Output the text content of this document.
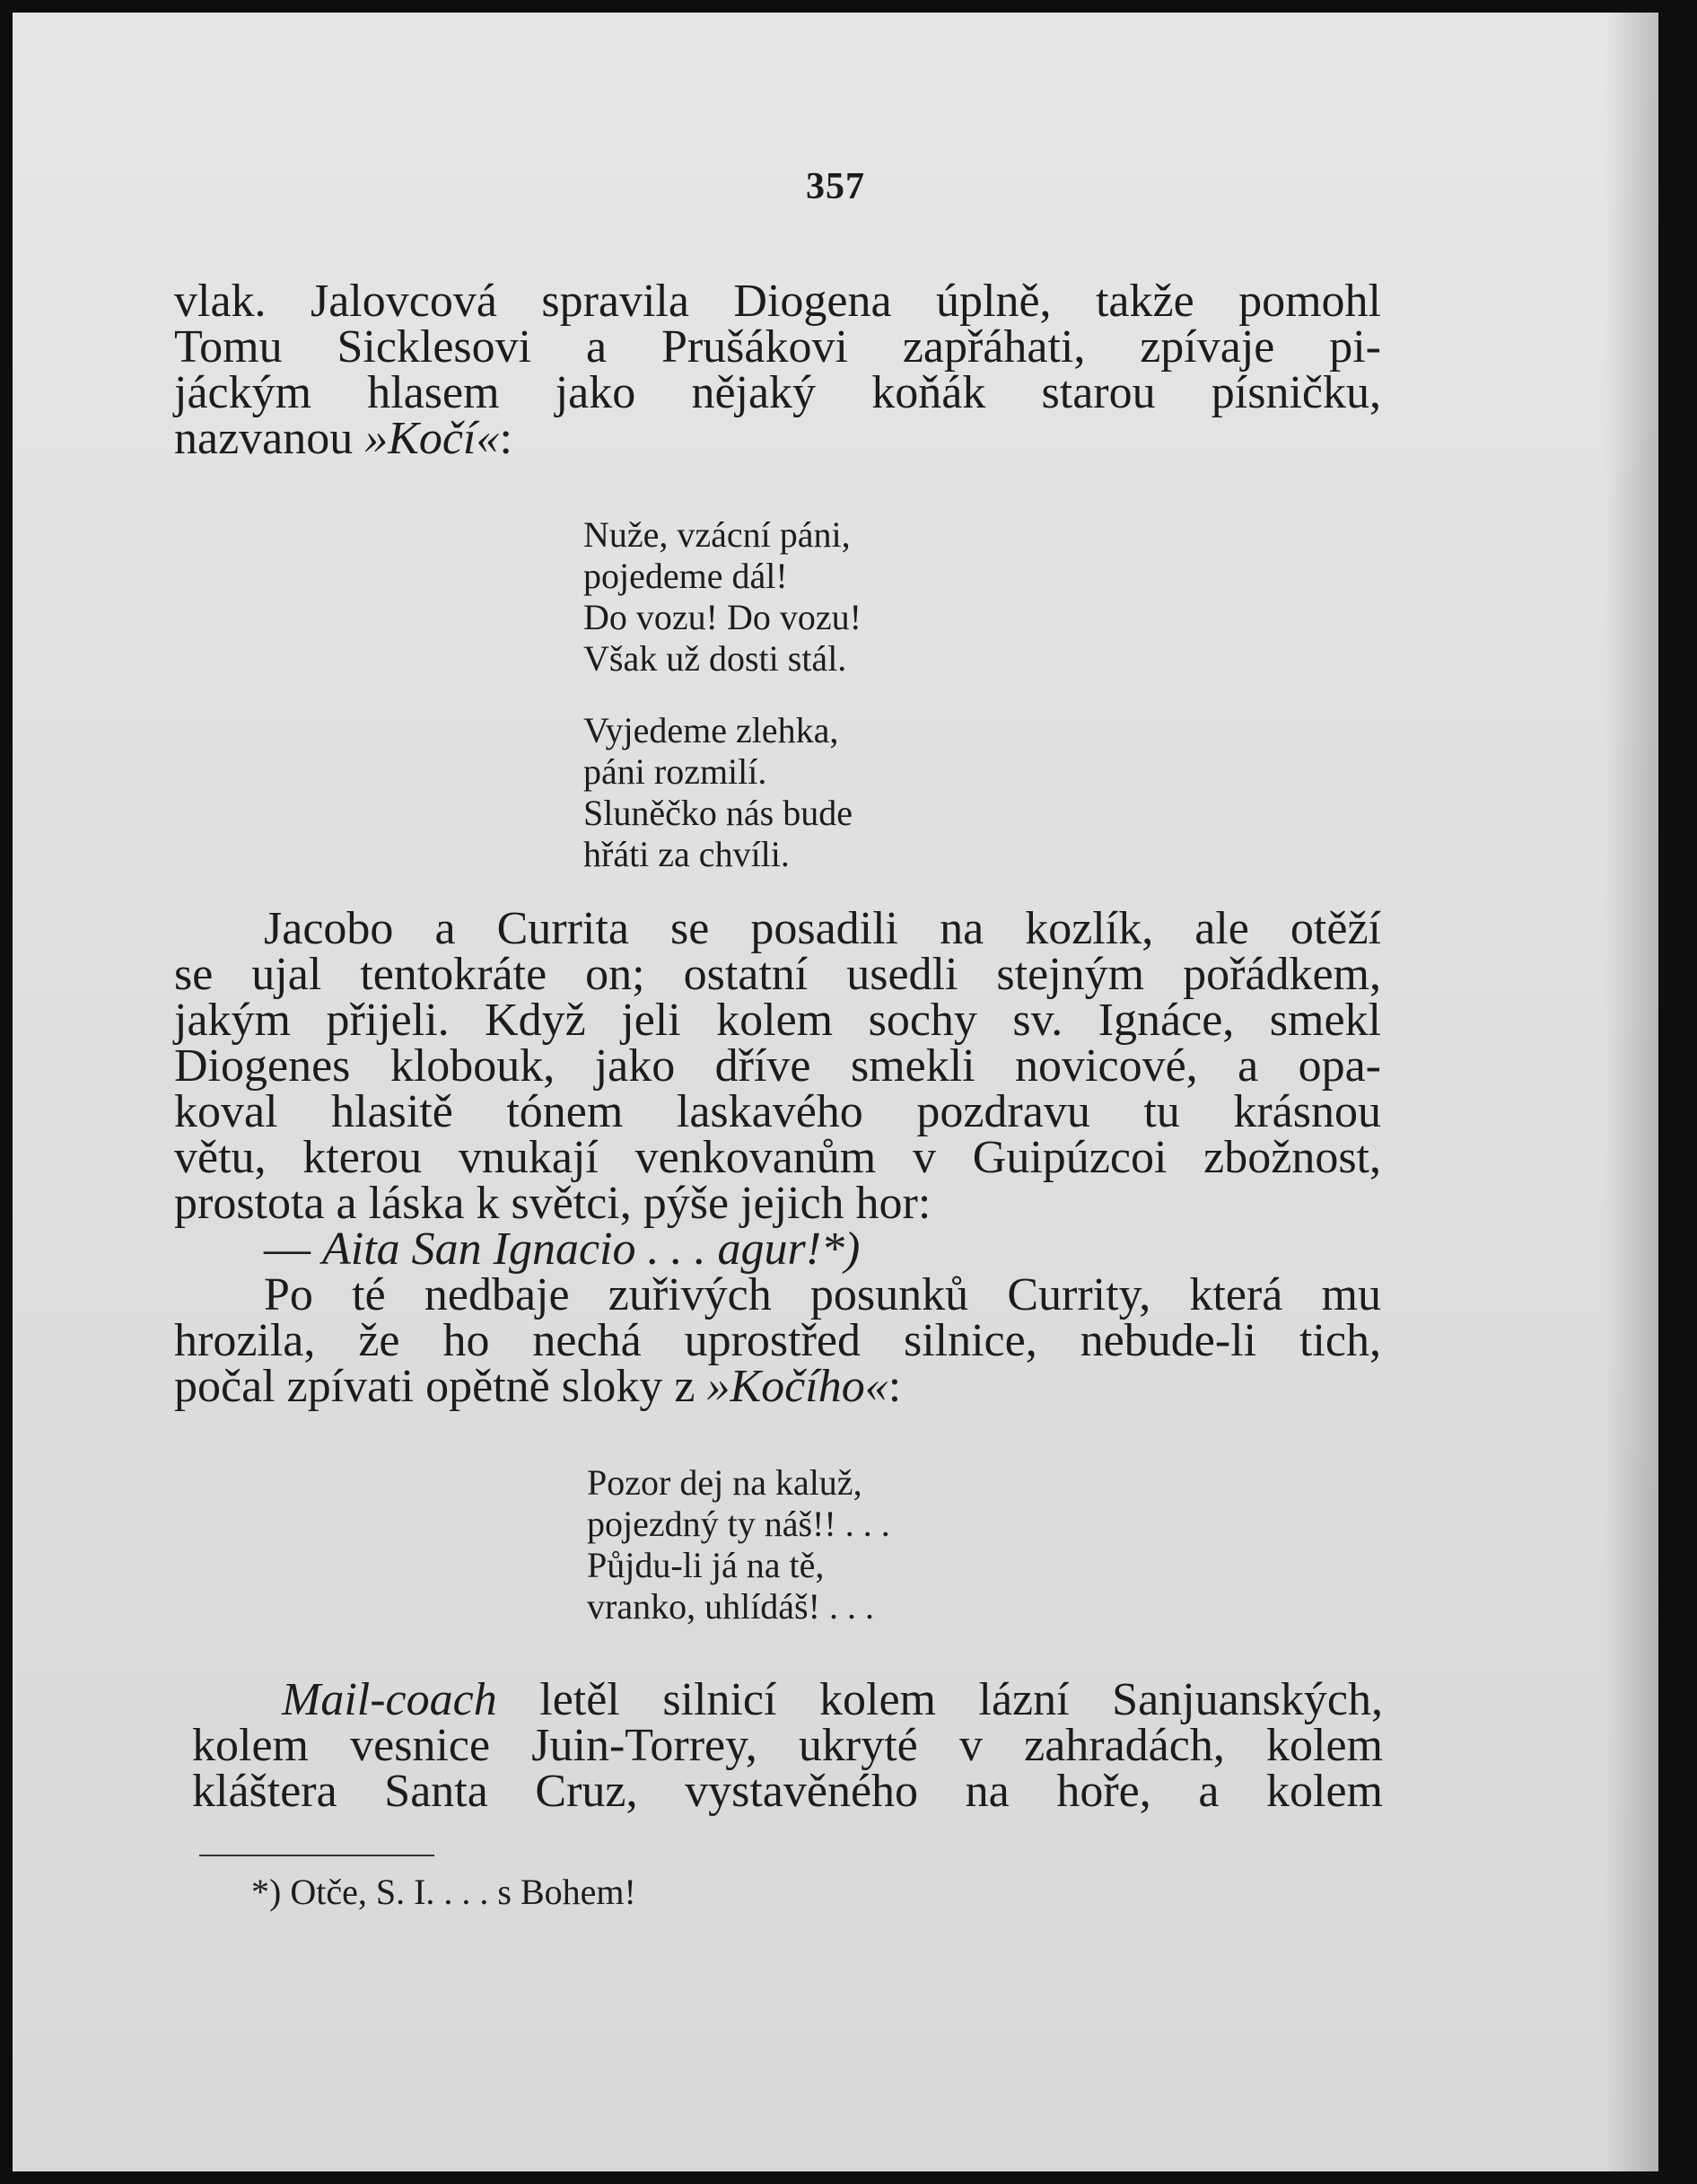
357
vlak. Jalovcová spravila Diogena úplně, takže pomohl
Tomu Sicklesovi a Prušákovi zapřáhati, zpívaje pi-
jáckým hlasem jako nějaký koňák starou písničku,
nazvanou »Kočí«:
Nuže, vzácní páni,
pojedeme dál!
Do vozu! Do vozu!
Však už dosti stál.
Vyjedeme zlehka,
páni rozmilí.
Sluněčko nás bude
hřáti za chvíli.
Jacobo a Currita se posadili na kozlík, ale otěží
se ujal tentokráte on; ostatní usedli stejným pořádkem,
jakým přijeli. Když jeli kolem sochy sv. Ignáce, smekl
Diogenes klobouk, jako dříve smekli novicové, a opa-
koval hlasitě tónem laskavého pozdravu tu krásnou
větu, kterou vnukají venkovanům v Guipúzcoi zbožnost,
prostota a láska k světci, pýše jejich hor:
— Aita San Ignacio . . . agur!*)
Po té nedbaje zuřivých posunků Currity, která mu
hrozila, že ho nechá uprostřed silnice, nebude-li tich,
počal zpívati opětně sloky z »Kočího«:
Pozor dej na kaluž,
pojezdný ty náš!! . . .
Půjdu-li já na tě,
vranko, uhlídáš! . . .
Mail-coach letěl silnicí kolem lázní Sanjuanských,
kolem vesnice Juin-Torrey, ukryté v zahradách, kolem
kláštera Santa Cruz, vystavěného na hoře, a kolem
*) Otče, S. I. . . . s Bohem!
